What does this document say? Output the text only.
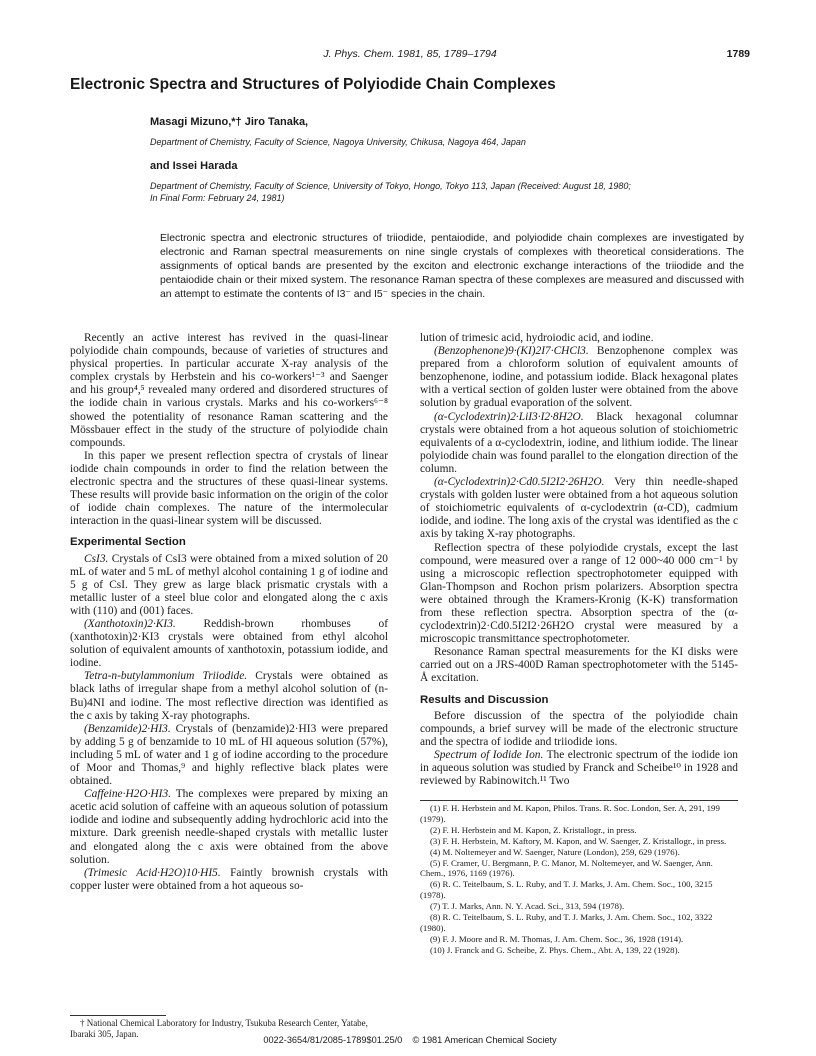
J. Phys. Chem. 1981, 85, 1789–1794	1789
Electronic Spectra and Structures of Polyiodide Chain Complexes
Masagi Mizuno,*† Jiro Tanaka,
Department of Chemistry, Faculty of Science, Nagoya University, Chikusa, Nagoya 464, Japan
and Issei Harada
Department of Chemistry, Faculty of Science, University of Tokyo, Hongo, Tokyo 113, Japan (Received: August 18, 1980;
In Final Form: February 24, 1981)
Electronic spectra and electronic structures of triiodide, pentaiodide, and polyiodide chain complexes are investigated by electronic and Raman spectral measurements on nine single crystals of complexes with theoretical considerations. The assignments of optical bands are presented by the exciton and electronic exchange interactions of the triiodide and the pentaiodide chain or their mixed system. The resonance Raman spectra of these complexes are measured and discussed with an attempt to estimate the contents of I3⁻ and I5⁻ species in the chain.

Recently an active interest has revived in the quasi-linear polyiodide chain compounds, because of varieties of structures and physical properties. In particular accurate X-ray analysis of the complex crystals by Herbstein and his co-workers¹⁻³ and Saenger and his group⁴,⁵ revealed many ordered and disordered structures of the iodide chain in various crystals. Marks and his co-workers⁶⁻⁸ showed the potentiality of resonance Raman scattering and the Mössbauer effect in the study of the structure of polyiodide chain compounds.

In this paper we present reflection spectra of crystals of linear iodide chain compounds in order to find the relation between the electronic spectra and the structures of these quasi-linear systems. These results will provide basic information on the origin of the color of iodide chain complexes. The nature of the intermolecular interaction in the quasi-linear system will be discussed.

Experimental Section

CsI3. Crystals of CsI3 were obtained from a mixed solution of 20 mL of water and 5 mL of methyl alcohol containing 1 g of iodine and 5 g of CsI. They grew as large black prismatic crystals with a metallic luster of a steel blue color and elongated along the c axis with (110) and (001) faces.

(Xanthotoxin)2·KI3. Reddish-brown rhombuses of (xanthotoxin)2·KI3 crystals were obtained from ethyl alcohol solution of equivalent amounts of xanthotoxin, potassium iodide, and iodine.

Tetra-n-butylammonium Triiodide. Crystals were obtained as black laths of irregular shape from a methyl alcohol solution of (n-Bu)4NI and iodine. The most reflective direction was identified as the c axis by taking X-ray photographs.

(Benzamide)2·HI3. Crystals of (benzamide)2·HI3 were prepared by adding 5 g of benzamide to 10 mL of HI aqueous solution (57%), including 5 mL of water and 1 g of iodine according to the procedure of Moor and Thomas,⁹ and highly reflective black plates were obtained.

Caffeine·H2O·HI3. The complexes were prepared by mixing an acetic acid solution of caffeine with an aqueous solution of potassium iodide and iodine and subsequently adding hydrochloric acid into the mixture. Dark greenish needle-shaped crystals with metallic luster and elongated along the c axis were obtained from the above solution.

(Trimesic Acid·H2O)10·HI5. Faintly brownish crystals with copper luster were obtained from a hot aqueous so-

lution of trimesic acid, hydroiodic acid, and iodine.

(Benzophenone)9·(KI)2I7·CHCl3. Benzophenone complex was prepared from a chloroform solution of equivalent amounts of benzophenone, iodine, and potassium iodide. Black hexagonal plates with a vertical section of golden luster were obtained from the above solution by gradual evaporation of the solvent.

(α-Cyclodextrin)2·LiI3·I2·8H2O. Black hexagonal columnar crystals were obtained from a hot aqueous solution of stoichiometric equivalents of a α-cyclodextrin, iodine, and lithium iodide. The linear polyiodide chain was found parallel to the elongation direction of the column.

(α-Cyclodextrin)2·Cd0.5I2I2·26H2O. Very thin needle-shaped crystals with golden luster were obtained from a hot aqueous solution of stoichiometric equivalents of α-cyclodextrin (α-CD), cadmium iodide, and iodine. The long axis of the crystal was identified as the c axis by taking X-ray photographs.

Reflection spectra of these polyiodide crystals, except the last compound, were measured over a range of 12 000~40 000 cm⁻¹ by using a microscopic reflection spectrophotometer equipped with Glan-Thompson and Rochon prism polarizers. Absorption spectra were obtained through the Kramers-Kronig (K-K) transformation from these reflection spectra. Absorption spectra of the (α-cyclodextrin)2·Cd0.5I2I2·26H2O crystal were measured by a microscopic transmittance spectrophotometer.

Resonance Raman spectral measurements for the KI disks were carried out on a JRS-400D Raman spectrophotometer with the 5145-Å excitation.

Results and Discussion

Before discussion of the spectra of the polyiodide chain compounds, a brief survey will be made of the electronic structure and the spectra of iodide and triiodide ions.

Spectrum of Iodide Ion. The electronic spectrum of the iodide ion in aqueous solution was studied by Franck and Scheibe¹⁰ in 1928 and reviewed by Rabinowitch.¹¹ Two

(1) F. H. Herbstein and M. Kapon, Philos. Trans. R. Soc. London, Ser. A, 291, 199 (1979).

(2) F. H. Herbstein and M. Kapon, Z. Kristallogr., in press.

(3) F. H. Herbstein, M. Kaftory, M. Kapon, and W. Saenger, Z. Kristallogr., in press.

(4) M. Noltemeyer and W. Saenger, Nature (London), 259, 629 (1976).

(5) F. Cramer, U. Bergmann, P. C. Manor, M. Noltemeyer, and W. Saenger, Ann. Chem., 1976, 1169 (1976).

(6) R. C. Teitelbaum, S. L. Ruby, and T. J. Marks, J. Am. Chem. Soc., 100, 3215 (1978).

(7) T. J. Marks, Ann. N. Y. Acad. Sci., 313, 594 (1978).

(8) R. C. Teitelbaum, S. L. Ruby, and T. J. Marks, J. Am. Chem. Soc., 102, 3322 (1980).

(9) F. J. Moore and R. M. Thomas, J. Am. Chem. Soc., 36, 1928 (1914).

(10) J. Franck and G. Scheibe, Z. Phys. Chem., Abt. A, 139, 22 (1928).

† National Chemical Laboratory for Industry, Tsukuba Research Center, Yatabe, Ibaraki 305, Japan.
0022-3654/81/2085-1789$01.25/0 © 1981 American Chemical Society
